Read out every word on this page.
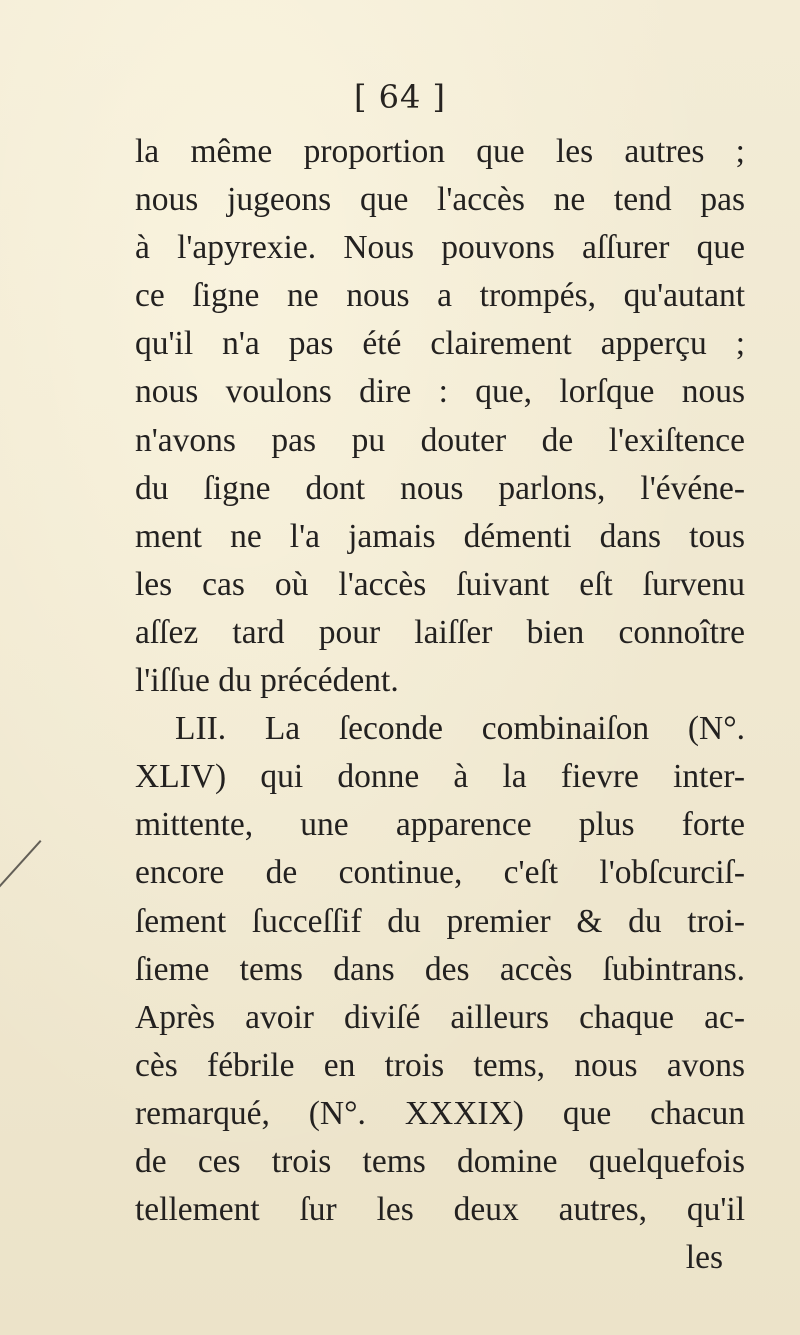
[ 64 ]
la même proportion que les autres ;
nous jugeons que l'accès ne tend pas
à l'apyrexie. Nous pouvons aſſurer que
ce ſigne ne nous a trompés, qu'autant
qu'il n'a pas été clairement apperçu ;
nous voulons dire : que, lorſque nous
n'avons pas pu douter de l'exiſtence
du ſigne dont nous parlons, l'événe-
ment ne l'a jamais démenti dans tous
les cas où l'accès ſuivant eſt ſurvenu
aſſez tard pour laiſſer bien connoître
l'iſſue du précédent.
LII. La ſeconde combinaiſon (N°.
XLIV) qui donne à la fievre inter-
mittente, une apparence plus forte
encore de continue, c'eſt l'obſcurciſ-
ſement ſucceſſif du premier & du troi-
ſieme tems dans des accès ſubintrans.
Après avoir diviſé ailleurs chaque ac-
cès fébrile en trois tems, nous avons
remarqué, (N°. XXXIX) que chacun
de ces trois tems domine quelquefois
tellement ſur les deux autres, qu'il
les
